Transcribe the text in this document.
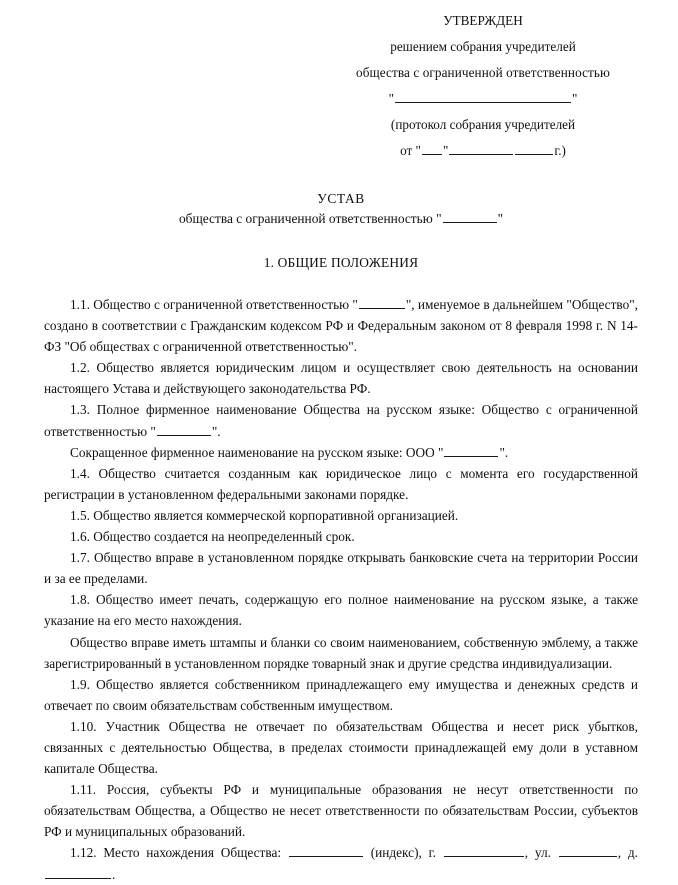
УТВЕРЖДЕН
решением собрания учредителей
общества с ограниченной ответственностью
"	"
(протокол собрания учредителей
от " "	г.)
УСТАВ
общества с ограниченной ответственностью "	"
1. ОБЩИЕ ПОЛОЖЕНИЯ

1.1. Общество с ограниченной ответственностью "	", именуемое в дальнейшем "Общество", создано в соответствии с Гражданским кодексом РФ и Федеральным законом от 8 февраля 1998 г. N 14-ФЗ "Об обществах с ограниченной ответственностью".

1.2. Общество является юридическим лицом и осуществляет свою деятельность на основании настоящего Устава и действующего законодательства РФ.

1.3. Полное фирменное наименование Общества на русском языке: Общество с ограниченной ответственностью "	".

Сокращенное фирменное наименование на русском языке: ООО "	".

1.4. Общество считается созданным как юридическое лицо с момента его государственной регистрации в установленном федеральными законами порядке.

1.5. Общество является коммерческой корпоративной организацией.

1.6. Общество создается на неопределенный срок.

1.7. Общество вправе в установленном порядке открывать банковские счета на территории России и за ее пределами.

1.8. Общество имеет печать, содержащую его полное наименование на русском языке, а также указание на его место нахождения.

Общество вправе иметь штампы и бланки со своим наименованием, собственную эмблему, а также зарегистрированный в установленном порядке товарный знак и другие средства индивидуализации.

1.9. Общество является собственником принадлежащего ему имущества и денежных средств и отвечает по своим обязательствам собственным имуществом.

1.10. Участник Общества не отвечает по обязательствам Общества и несет риск убытков, связанных с деятельностью Общества, в пределах стоимости принадлежащей ему доли в уставном капитале Общества.

1.11. Россия, субъекты РФ и муниципальные образования не несут ответственности по обязательствам Общества, а Общество не несет ответственности по обязательствам России, субъектов РФ и муниципальных образований.

1.12. Место нахождения Общества:	(индекс), г.	, ул.	, д. .
